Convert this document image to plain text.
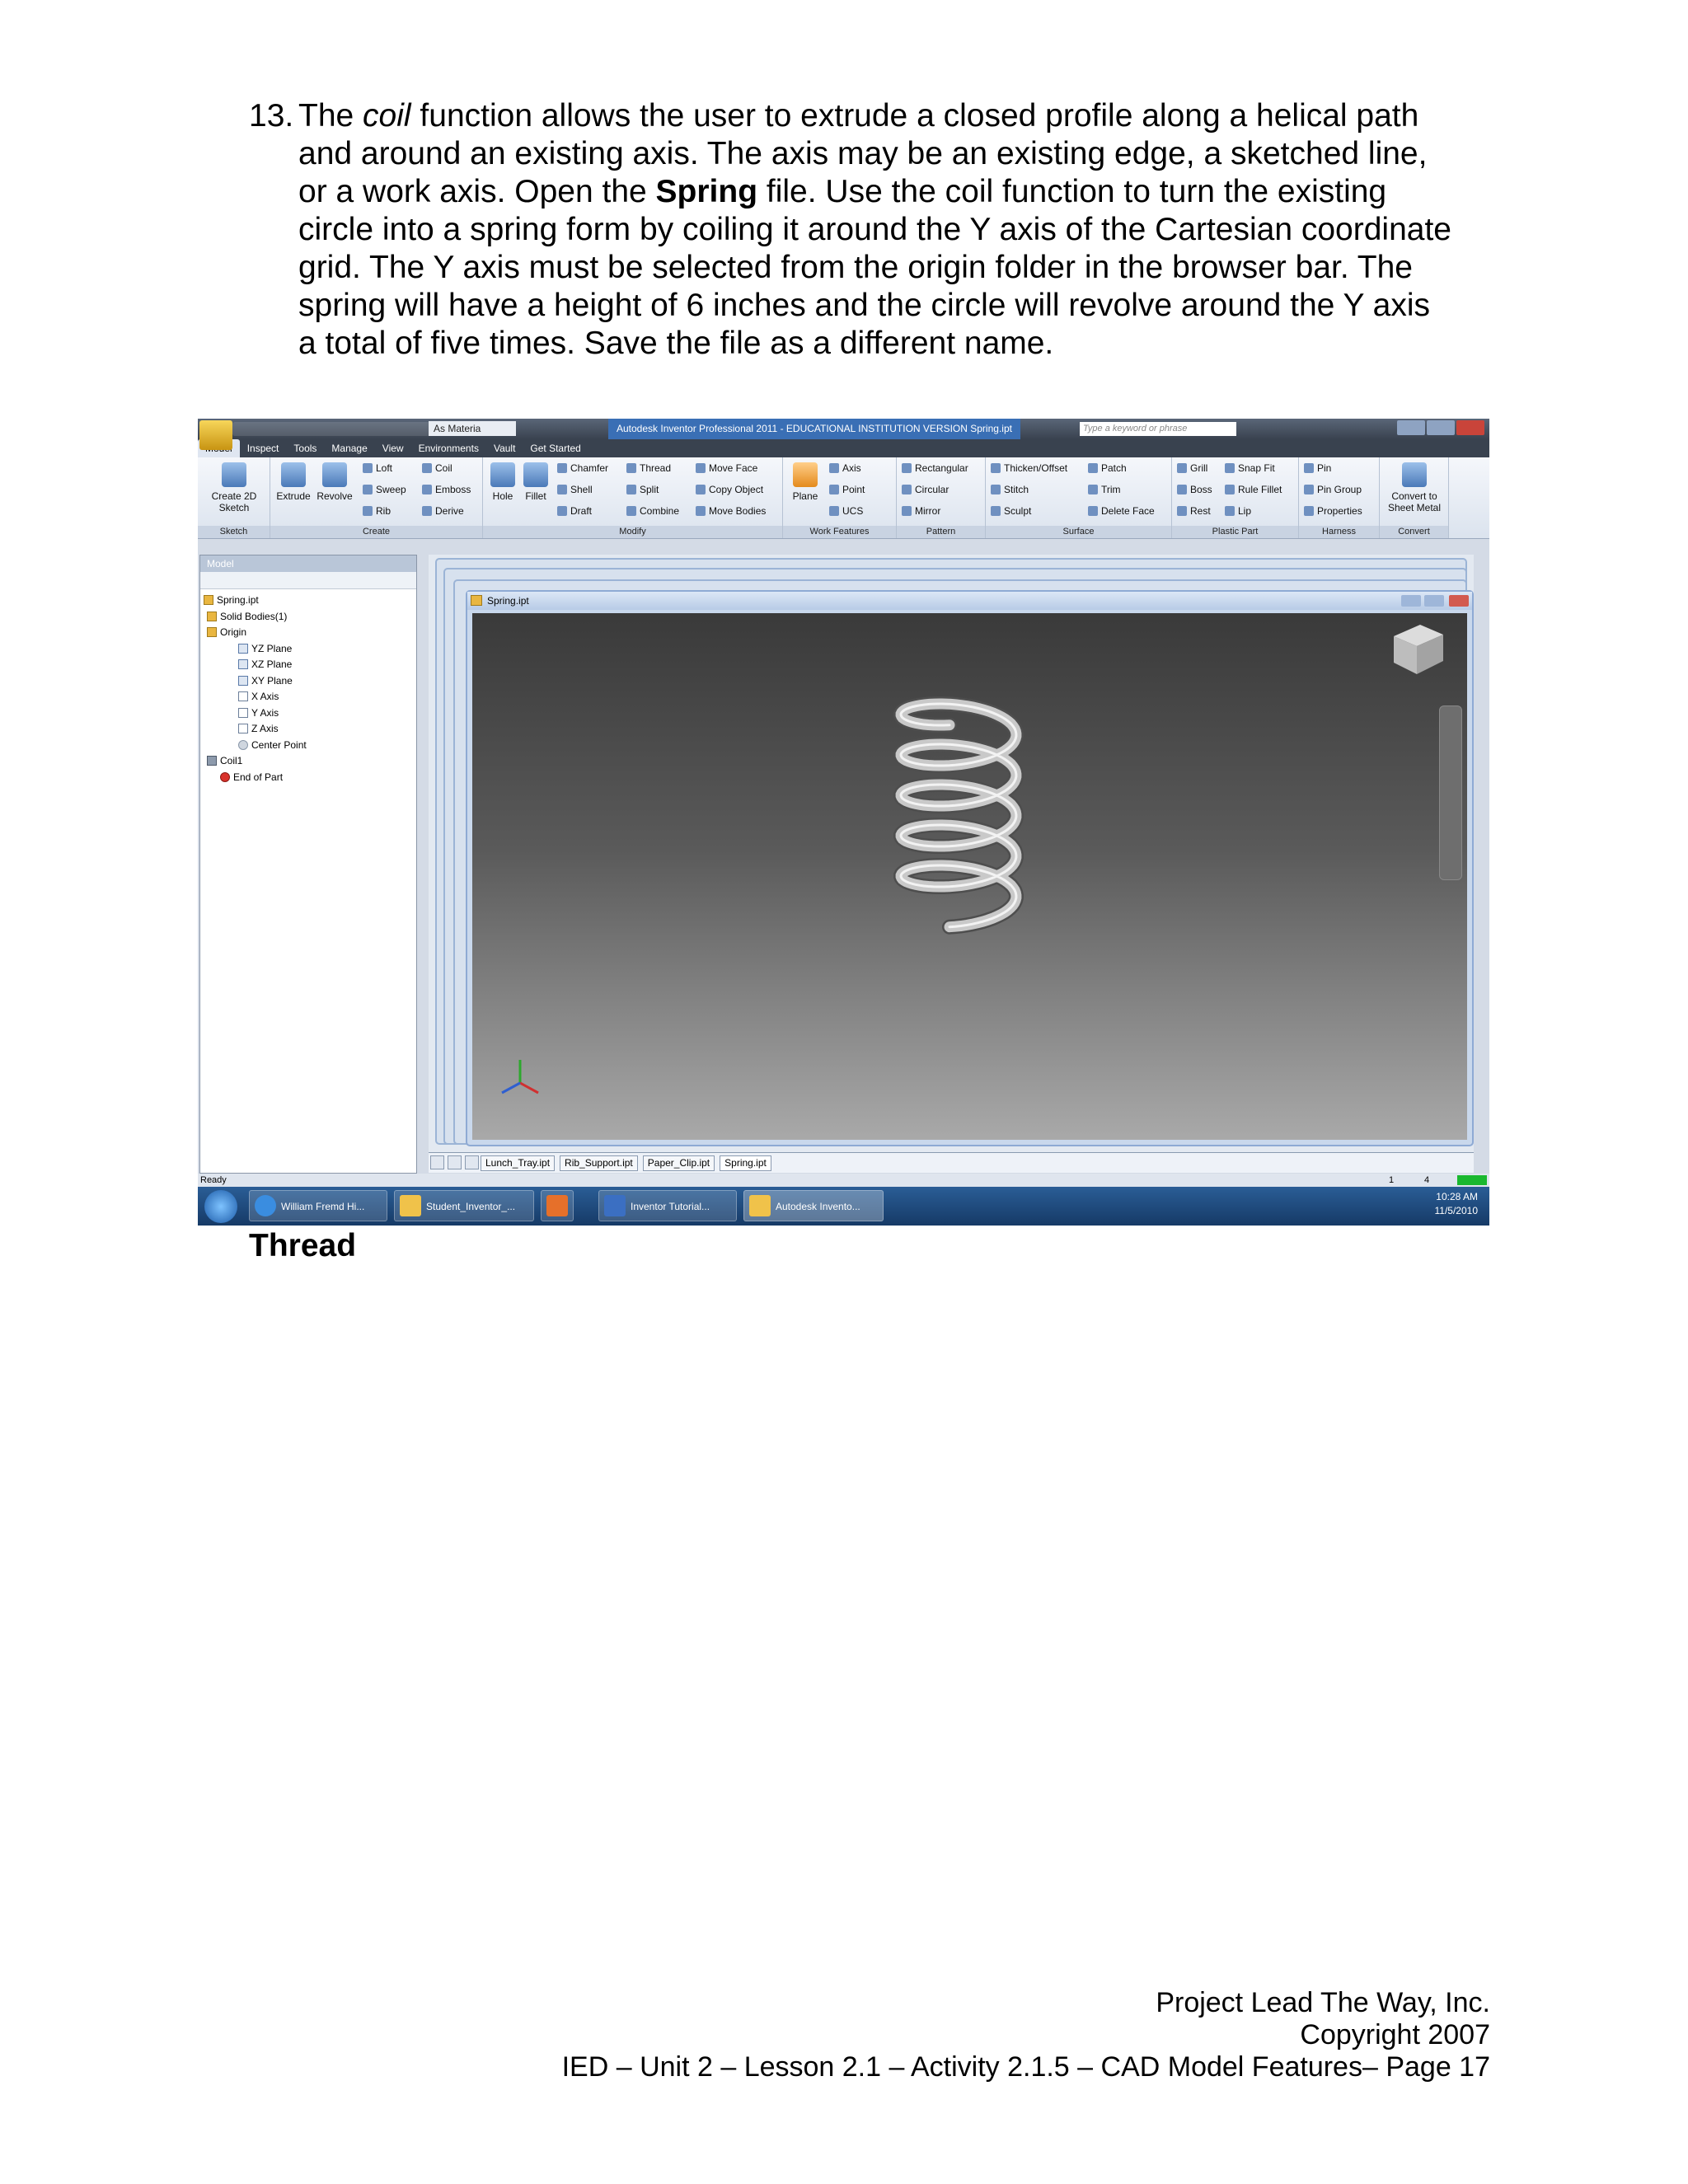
13. The coil function allows the user to extrude a closed profile along a helical path
and around an existing axis. The axis may be an existing edge, a sketched line,
or a work axis. Open the Spring file. Use the coil function to turn the existing
circle into a spring form by coiling it around the Y axis of the Cartesian coordinate
grid. The Y axis must be selected from the origin folder in the browser bar. The
spring will have a height of 6 inches and the circle will revolve around the Y axis
a total of five times. Save the file as a different name.
As Materia	Autodesk Inventor Professional 2011 - EDUCATIONAL INSTITUTION VERSION Spring.ipt	Type a keyword or phrase
Inspect	Tools	Manage	View	Environments	Vault	Get Started
Create 2D Sketch
Sketch
Extrude Revolve
Loft
Sweep
Rib
Coil
Emboss
Derive
Create
Hole	Fillet
Chamfer
Shell
Draft
Thread
Split
Combine
Move Face
Copy Object
Move Bodies
Modify
Plane
Axis
Point
UCS
Work Features
Rectangular
Circular
Mirror
Pattern
Thicken/Offset
Stitch
Sculpt
Patch
Trim
Delete Face
Surface
Grill
Boss
Rest
Snap Fit
Rule Fillet
Lip
Plastic Part
Pin
Pin Group
Properties
Harness
Convert to Sheet Metal
Convert
Model
Spring.ipt
Solid Bodies(1)
Origin
YZ Plane
XZ Plane
XY Plane
X Axis
Y Axis
Z Axis
Center Point
Coil1
End of Part
Spring.ipt
Lunch_Tray.ipt	Rib_Support.ipt	Paper_Clip.ipt	Spring.ipt
Ready	1	4
William Fremd Hi...	Student_Inventor_...	Inventor Tutorial...	Autodesk Invento...
10:28 AM
11/5/2010
Thread
Project Lead The Way, Inc.
Copyright 2007
IED – Unit 2 – Lesson 2.1 – Activity 2.1.5 – CAD Model Features– Page 17
